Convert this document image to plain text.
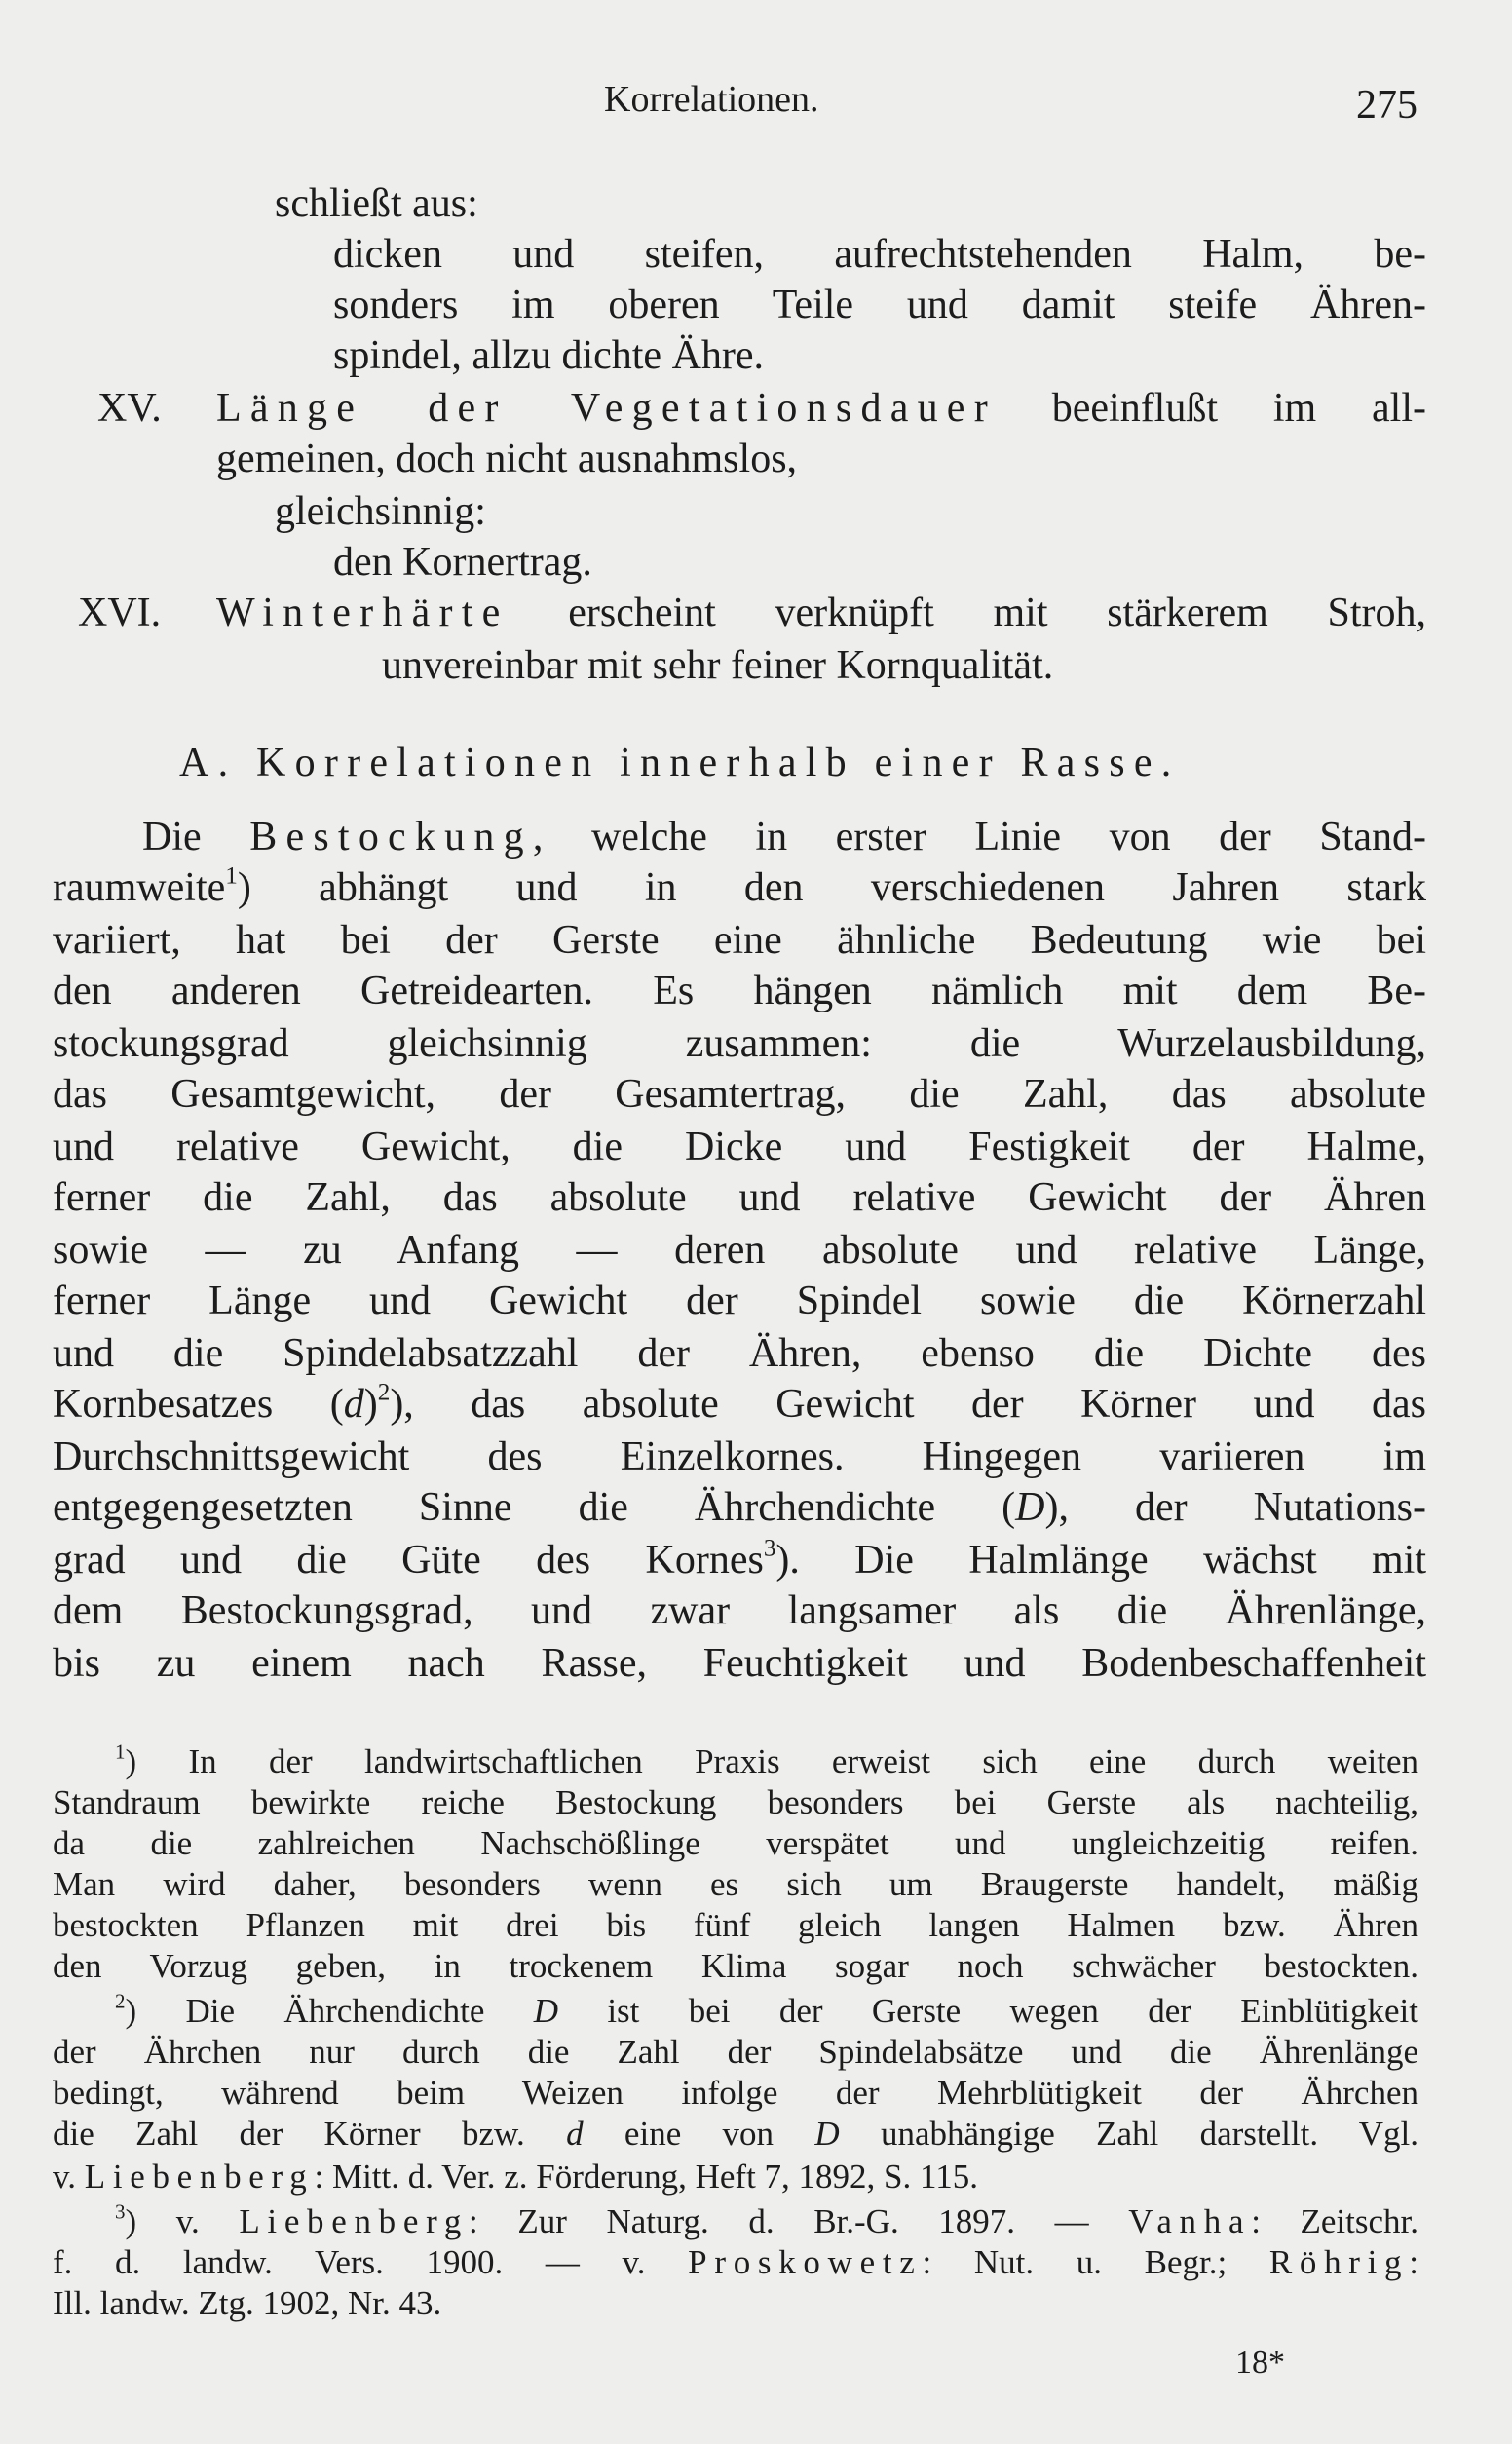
Korrelationen.	275
schließt aus:
dicken und steifen, aufrechtstehenden Halm, be-
sonders im oberen Teile und damit steife Ähren-
spindel, allzu dichte Ähre.
XV. Länge der Vegetationsdauer beeinflußt im all-
gemeinen, doch nicht ausnahmslos,
gleichsinnig:
den Kornertrag.
XVI. Winterhärte erscheint verknüpft mit stärkerem Stroh,
unvereinbar mit sehr feiner Kornqualität.
A. Korrelationen innerhalb einer Rasse.
Die Bestockung, welche in erster Linie von der Stand-
raumweite$^1$) abhängt und in den verschiedenen Jahren stark
variiert, hat bei der Gerste eine ähnliche Bedeutung wie bei
den anderen Getreidearten. Es hängen nämlich mit dem Be-
stockungsgrad gleichsinnig zusammen: die Wurzelausbildung,
das Gesamtgewicht, der Gesamtertrag, die Zahl, das absolute
und relative Gewicht, die Dicke und Festigkeit der Halme,
ferner die Zahl, das absolute und relative Gewicht der Ähren
sowie — zu Anfang — deren absolute und relative Länge,
ferner Länge und Gewicht der Spindel sowie die Körnerzahl
und die Spindelabsatzzahl der Ähren, ebenso die Dichte des
Kornbesatzes $(d)^2$), das absolute Gewicht der Körner und das
Durchschnittsgewicht des Einzelkornes. Hingegen variieren im
entgegengesetzten Sinne die Ährchendichte (D), der Nutations-
grad und die Güte des Kornes$^3$). Die Halmlänge wächst mit
dem Bestockungsgrad, und zwar langsamer als die Ährenlänge,
bis zu einem nach Rasse, Feuchtigkeit und Bodenbeschaffenheit
$^1$) In der landwirtschaftlichen Praxis erweist sich eine durch weiten
Standraum bewirkte reiche Bestockung besonders bei Gerste als nachteilig,
da die zahlreichen Nachschößlinge verspätet und ungleichzeitig reifen.
Man wird daher, besonders wenn es sich um Braugerste handelt, mäßig
bestockten Pflanzen mit drei bis fünf gleich langen Halmen bzw. Ähren
den Vorzug geben, in trockenem Klima sogar noch schwächer bestockten.
$^2$) Die Ährchendichte D ist bei der Gerste wegen der Einblütigkeit
der Ährchen nur durch die Zahl der Spindelabsätze und die Ährenlänge
bedingt, während beim Weizen infolge der Mehrblütigkeit der Ährchen
die Zahl der Körner bzw. d eine von D unabhängige Zahl darstellt. Vgl.
v. Liebenberg: Mitt. d. Ver. z. Förderung, Heft 7, 1892, S. 115.
$^3$) v. Liebenberg: Zur Naturg. d. Br.-G. 1897. — Vanha: Zeitschr.
f. d. landw. Vers. 1900. — v. Proskowetz: Nut. u. Begr.; Röhrig:
Ill. landw. Ztg. 1902, Nr. 43.
18*
